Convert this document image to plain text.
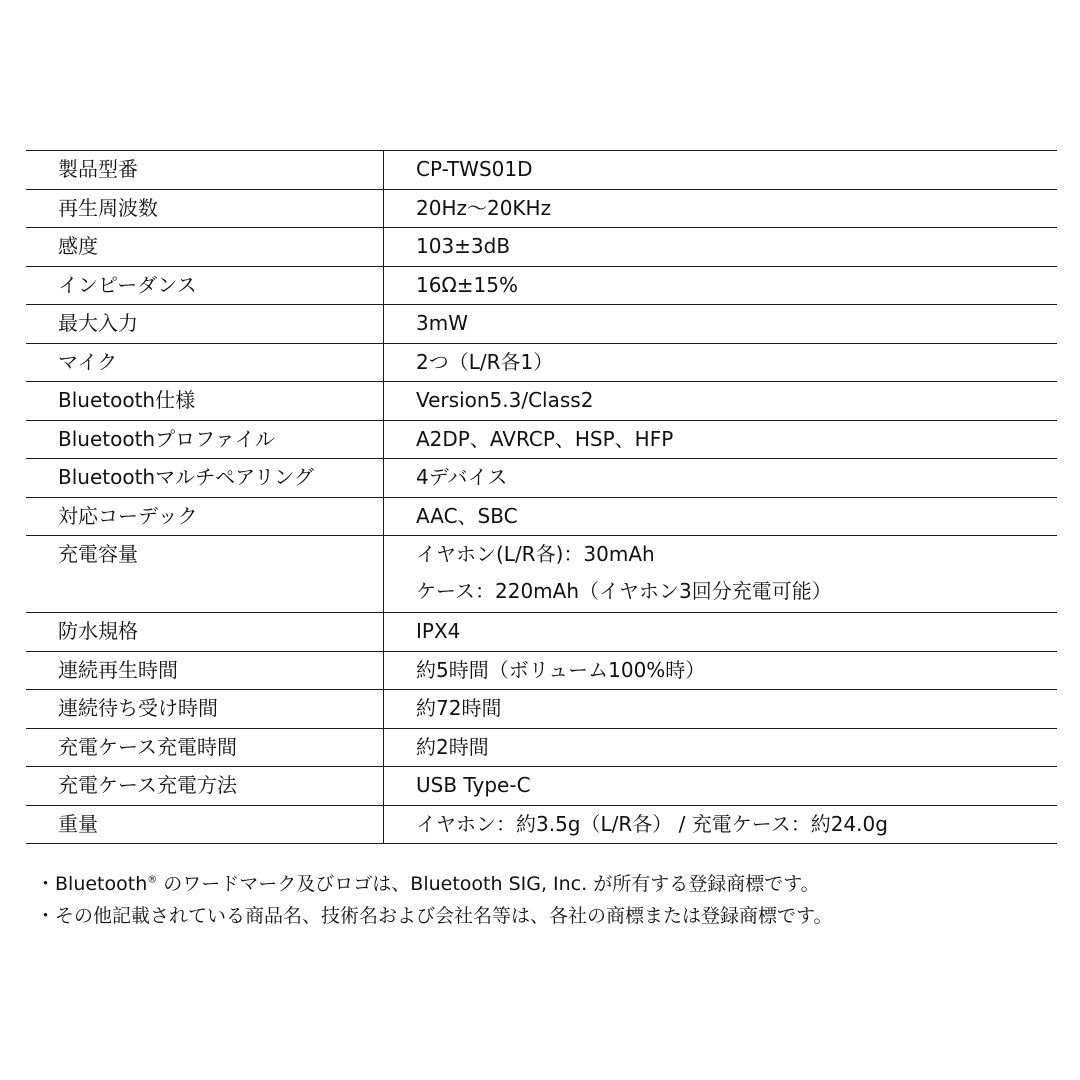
製品型番	CP-TWS01D

再生周波数	20Hz～20KHz

感度	103±3dB

インピーダンス	16Ω±15%

最大入力	3mW

マイク	2つ（L/R各1）

Bluetooth仕様	Version5.3/Class2

Bluetoothプロファイル	A2DP、AVRCP、HSP、HFP

Bluetoothマルチペアリング	4デバイス

対応コーデック	AAC、SBC

充電容量	イヤホン(L/R各)：30mAh
ケース：220mAh（イヤホン3回分充電可能）

防水規格	IPX4

連続再生時間	約5時間（ボリューム100%時）

連続待ち受け時間	約72時間

充電ケース充電時間	約2時間

充電ケース充電方法	USB Type-C

重量	イヤホン：約3.5g（L/R各） / 充電ケース：約24.0g
・Bluetooth® のワードマーク及びロゴは、Bluetooth SIG, Inc. が所有する登録商標です。
・その他記載されている商品名、技術名および会社名等は、各社の商標または登録商標です。
